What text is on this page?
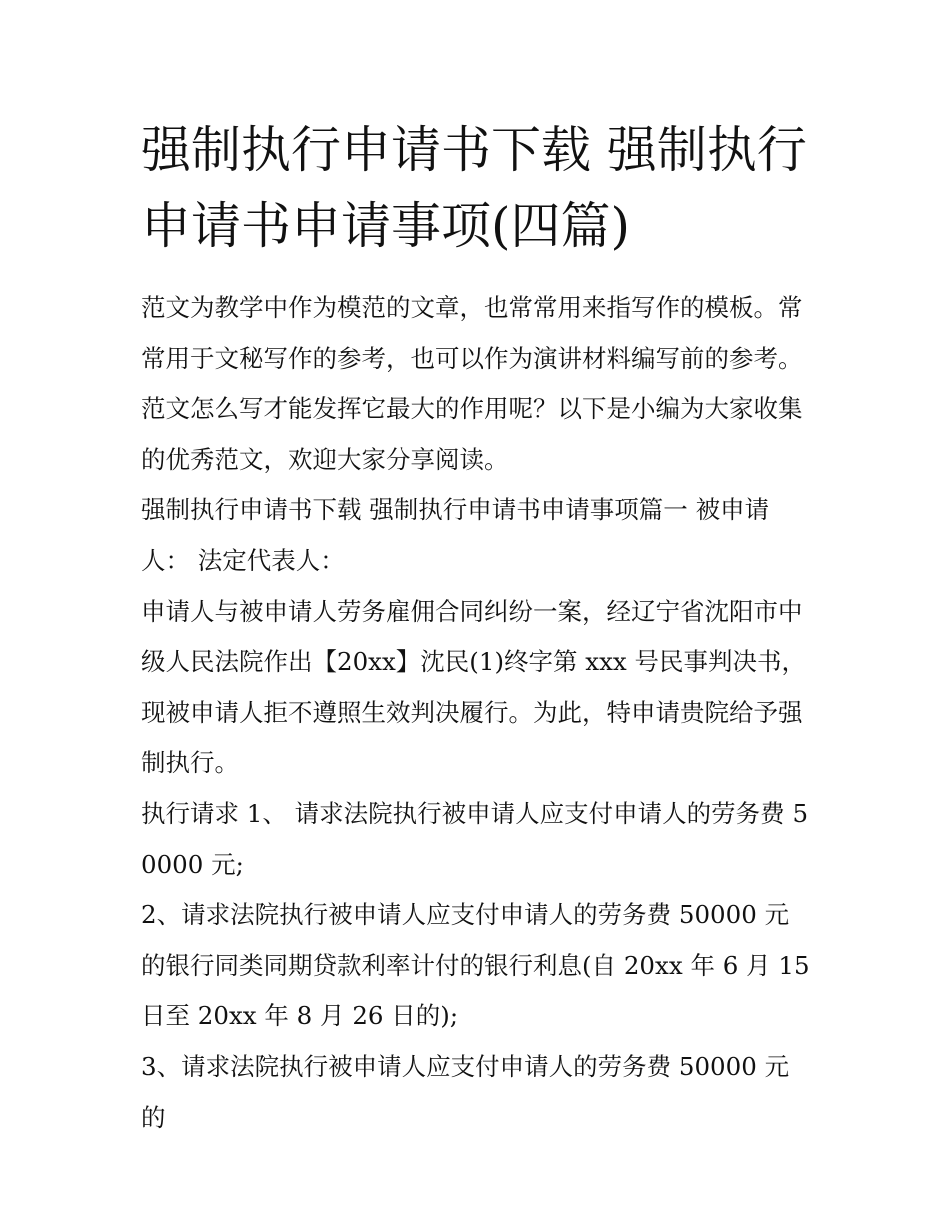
强制执行申请书下载 强制执行申请书申请事项(四篇)

范文为教学中作为模范的文章，也常常用来指写作的模板。常常用于文秘写作的参考，也可以作为演讲材料编写前的参考。范文怎么写才能发挥它最大的作用呢？以下是小编为大家收集的优秀范文，欢迎大家分享阅读。

强制执行申请书下载 强制执行申请书申请事项篇一 被申请人： 法定代表人：

申请人与被申请人劳务雇佣合同纠纷一案，经辽宁省沈阳市中级人民法院作出【20xx】沈民(1)终字第 xxx 号民事判决书，现被申请人拒不遵照生效判决履行。为此，特申请贵院给予强制执行。

执行请求 1、 请求法院执行被申请人应支付申请人的劳务费 50000 元;

2、请求法院执行被申请人应支付申请人的劳务费 50000 元的银行同类同期贷款利率计付的银行利息(自 20xx 年 6 月 15 日至 20xx 年 8 月 26 日的);

3、请求法院执行被申请人应支付申请人的劳务费 50000 元的
